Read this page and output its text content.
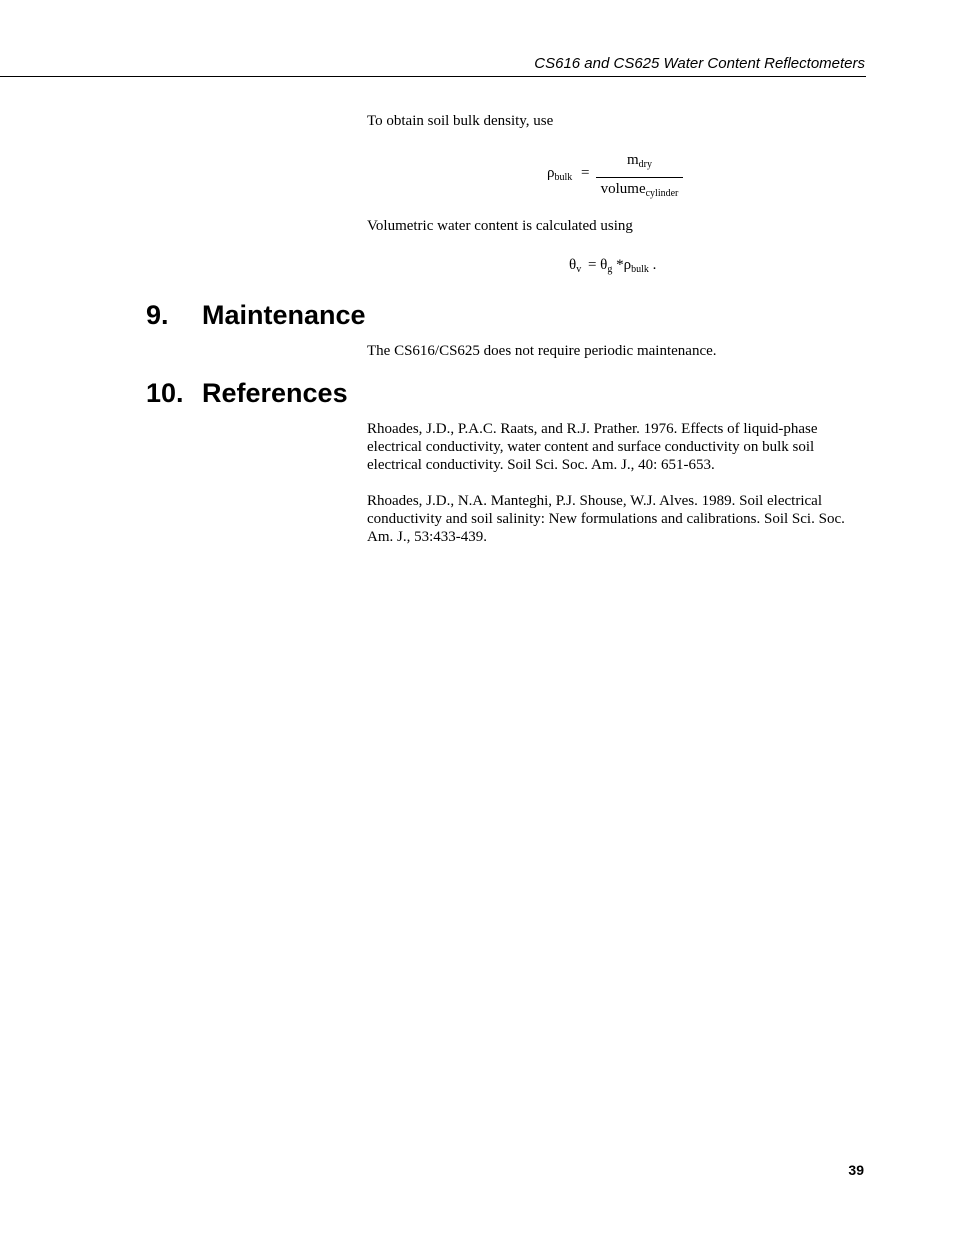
CS616 and CS625 Water Content Reflectometers
To obtain soil bulk density, use
$\rho_{bulk}$ =
$m_{dry}$
volume$_{cylinder}$
Volumetric water content is calculated using
$\theta_v = \theta_g$ $*\rho_{bulk}$ .
9. Maintenance
The CS616/CS625 does not require periodic maintenance.
10. References
Rhoades, J.D., P.A.C. Raats, and R.J. Prather. 1976. Effects of liquid-phase electrical conductivity, water content and surface conductivity on bulk soil electrical conductivity. Soil Sci. Soc. Am. J., 40: 651-653.
Rhoades, J.D., N.A. Manteghi, P.J. Shouse, W.J. Alves. 1989. Soil electrical conductivity and soil salinity: New formulations and calibrations. Soil Sci. Soc. Am. J., 53:433-439.
39
